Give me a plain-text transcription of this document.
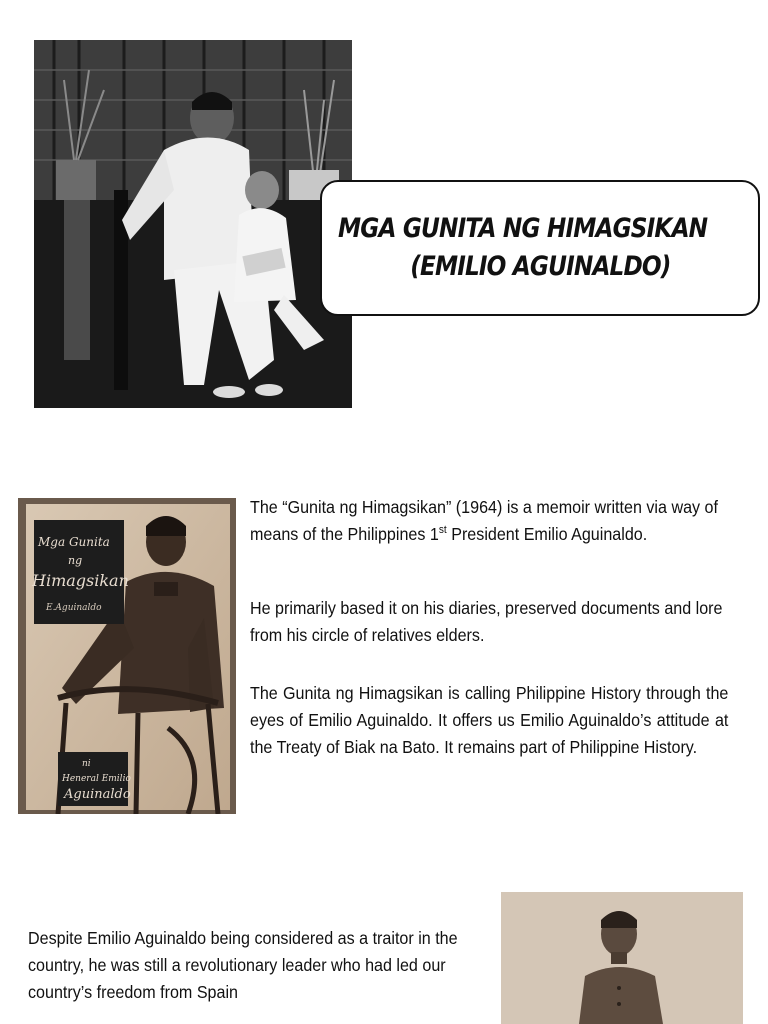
MGA GUNITA NG HIMAGSIKAN
(EMILIO AGUINALDO)
Mga Gunita
ng
Himagsikan
E.Aguinaldo
ni
Heneral Emilio
Aguinaldo

The “Gunita ng Himagsikan” (1964) is a memoir written via way of means of the Philippines 1st President Emilio Aguinaldo.

He primarily based it on his diaries, preserved documents and lore from his circle of relatives elders.

The Gunita ng Himagsikan is calling Philippine History through the eyes of Emilio Aguinaldo. It offers us Emilio Aguinaldo’s attitude at the Treaty of Biak na Bato. It remains part of Philippine History.

Despite Emilio Aguinaldo being considered as a traitor in the country, he was still a revolutionary leader who had led our country’s freedom from Spain
